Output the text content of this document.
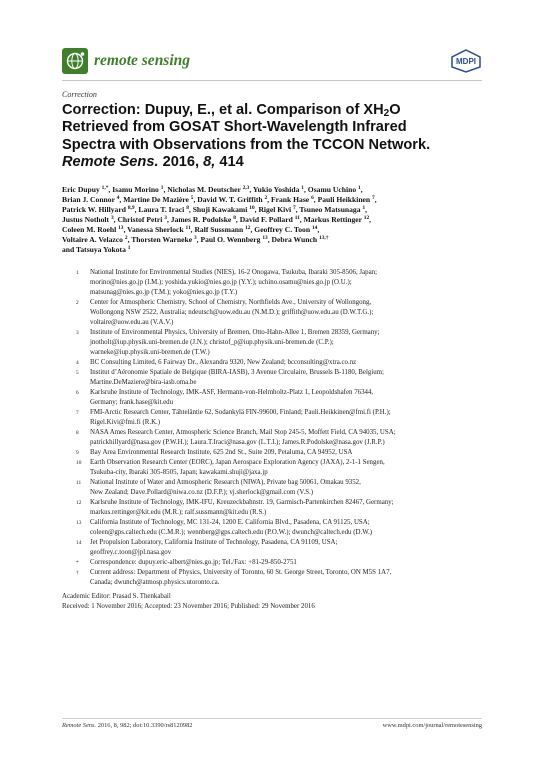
remote sensing	MDPI
Correction
Correction: Dupuy, E., et al. Comparison of $XH_2O$
Retrieved from GOSAT Short-Wavelength Infrared
Spectra with Observations from the TCCON Network.
Remote Sens. 2016, 8, 414
Eric Dupuy $^{1,*}$, Isamu Morino $^1$, Nicholas M. Deutscher $^{2,3}$, Yukio Yoshida $^1$, Osamu Uchino $^1$,
Brian J. Connor $^4$, Martine De Mazière $^5$, David W. T. Griffith $^2$, Frank Hase $^6$, Pauli Heikkinen $^7$,
Patrick W. Hillyard $^{8,9}$, Laura T. Iraci $^8$, Shuji Kawakami $^{10}$, Rigel Kivi $^7$, Tsuneo Matsunaga $^1$,
Justus Notholt $^3$, Christof Petri $^3$, James R. Podolske $^8$, David F. Pollard $^{11}$, Markus Rettinger $^{12}$,
Coleen M. Roehl $^{13}$, Vanessa Sherlock $^{11}$, Ralf Sussmann $^{12}$, Geoffrey C. Toon $^{14}$,
Voltaire A. Velazco $^2$, Thorsten Warneke $^3$, Paul O. Wennberg $^{13}$, Debra Wunch $^{13,\dagger}$
and Tatsuya Yokota $^1$
1 National Institute for Environmental Studies (NIES), 16-2 Onogawa, Tsukuba, Ibaraki 305-8506, Japan;
morino@nies.go.jp (I.M.); yoshida.yukio@nies.go.jp (Y.Y.); uchino.osamu@nies.go.jp (O.U.);
matsunag@nies.go.jp (T.M.); yoko@nies.go.jp (T.Y.)
2 Center for Atmospheric Chemistry, School of Chemistry, Northfields Ave., University of Wollongong,
Wollongong NSW 2522, Australia; ndeutsch@uow.edu.au (N.M.D.); griffith@uow.edu.au (D.W.T.G.);
voltaire@uow.edu.au (V.A.V.)
3 Institute of Environmental Physics, University of Bremen, Otto-Hahn-Allee 1, Bremen 28359, Germany;
jnotholt@iup.physik.uni-bremen.de (J.N.); christof_p@iup.physik.uni-bremen.de (C.P.);
warneke@iup.physik.uni-bremen.de (T.W.)
4 BC Consulting Limited, 6 Fairway Dr., Alexandra 9320, New Zealand; bcconsulting@xtra.co.nz
5 Institut d’Aéronomie Spatiale de Belgique (BIRA-IASB), 3 Avenue Circulaire, Brussels B-1180, Belgium;
Martine.DeMaziere@bira-iasb.oma.be
6 Karlsruhe Institute of Technology, IMK-ASF, Hermann-von-Helmholtz-Platz 1, Leopoldshafen 76344,
Germany; frank.hase@kit.edu
7 FMI-Arctic Research Center, Tähteläntie 62, Sodankylä FIN-99600, Finland; Pauli.Heikkinen@fmi.fi (P.H.);
Rigel.Kivi@fmi.fi (R.K.)
8 NASA Ames Research Center, Atmospheric Science Branch, Mail Stop 245-5, Moffett Field, CA 94035, USA;
patrickhillyard@nasa.gov (P.W.H.); Laura.T.Iraci@nasa.gov (L.T.I.); James.R.Podolske@nasa.gov (J.R.P.)
9 Bay Area Environmental Research Institute, 625 2nd St., Suite 209, Petaluma, CA 94952, USA
10 Earth Observation Research Center (EORC), Japan Aerospace Exploration Agency (JAXA), 2-1-1 Sengen,
Tsukuba-city, Ibaraki 305-8505, Japan; kawakami.shuji@jaxa.jp
11 National Institute of Water and Atmospheric Research (NIWA), Private bag 50061, Omakau 9352,
New Zealand; Dave.Pollard@niwa.co.nz (D.F.P.); vj.sherlock@gmail.com (V.S.)
12 Karlsruhe Institute of Technology, IMK-IFU, Kreuzeckbahnstr. 19, Garmisch-Partenkirchen 82467, Germany;
markus.rettinger@kit.edu (M.R.); ralf.sussmann@kit.edu (R.S.)
13 California Institute of Technology, MC 131-24, 1200 E. California Blvd., Pasadena, CA 91125, USA;
coleen@gps.caltech.edu (C.M.R.); wennberg@gps.caltech.edu (P.O.W.); dwunch@caltech.edu (D.W.)
14 Jet Propulsion Laboratory, California Institute of Technology, Pasadena, CA 91109, USA;
geoffrey.c.toon@jpl.nasa.gov
* Correspondence: dupuy.eric-albert@nies.go.jp; Tel./Fax: +81-29-850-2751
† Current address: Department of Physics, University of Toronto, 60 St. George Street, Toronto, ON M5S 1A7,
Canada; dwunch@atmosp.physics.utoronto.ca.
Remote Sens. 2016, 8, 982; doi:10.3390/rs8120982	www.mdpi.com/journal/remotesensing
Academic Editor: Prasad S. Thenkabail
Received: 1 November 2016; Accepted: 23 November 2016; Published: 29 November 2016
